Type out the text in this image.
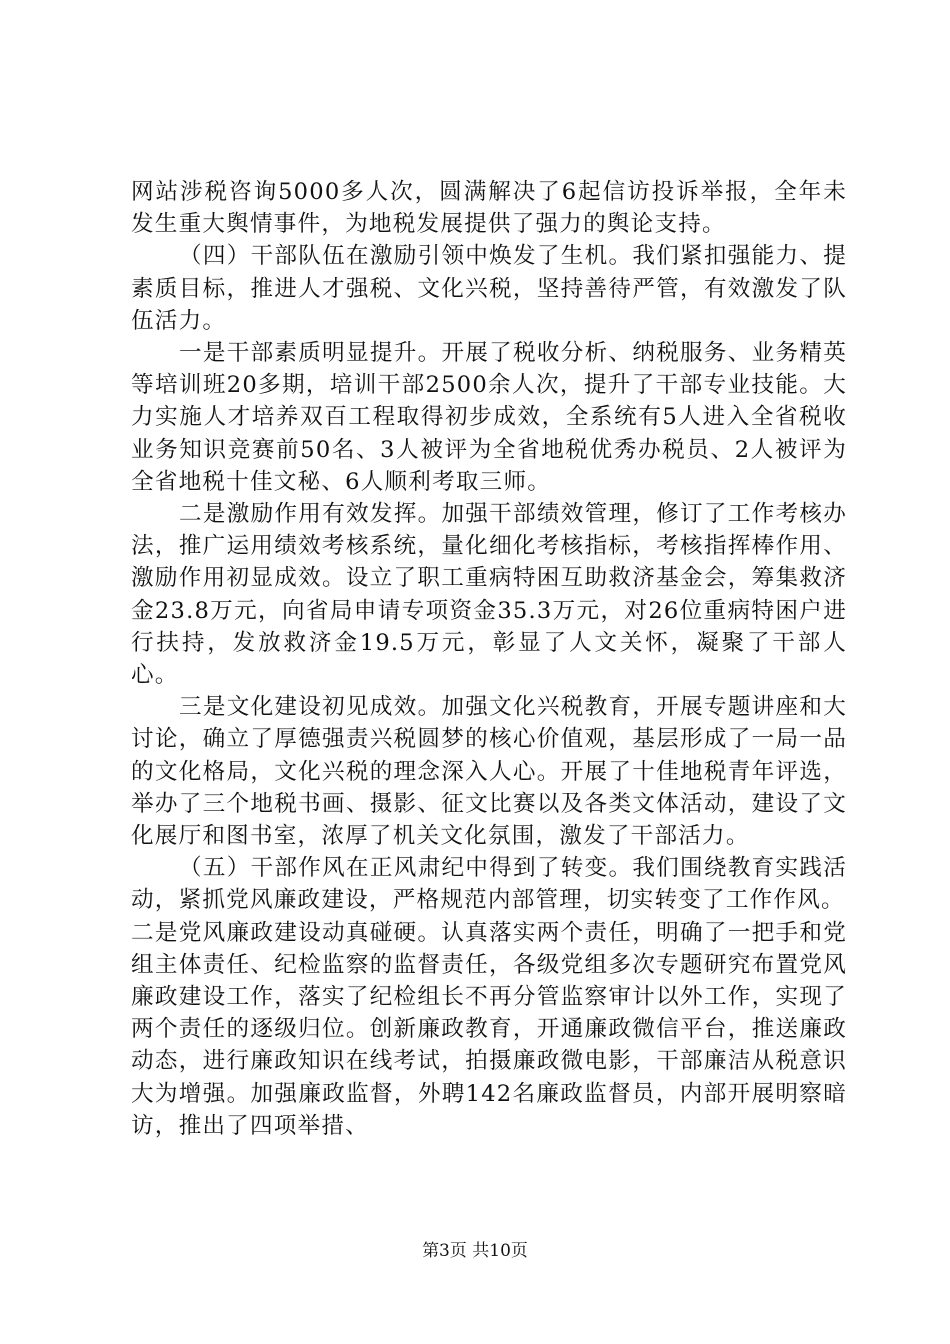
网站涉税咨询5000多人次，圆满解决了6起信访投诉举报，全年未发生重大舆情事件，为地税发展提供了强力的舆论支持。

（四）干部队伍在激励引领中焕发了生机。我们紧扣强能力、提素质目标，推进人才强税、文化兴税，坚持善待严管，有效激发了队伍活力。

一是干部素质明显提升。开展了税收分析、纳税服务、业务精英等培训班20多期，培训干部2500余人次，提升了干部专业技能。大力实施人才培养双百工程取得初步成效，全系统有5人进入全省税收业务知识竞赛前50名、3人被评为全省地税优秀办税员、2人被评为全省地税十佳文秘、6人顺利考取三师。

二是激励作用有效发挥。加强干部绩效管理，修订了工作考核办法，推广运用绩效考核系统，量化细化考核指标，考核指挥棒作用、激励作用初显成效。设立了职工重病特困互助救济基金会，筹集救济金23.8万元，向省局申请专项资金35.3万元，对26位重病特困户进行扶持，发放救济金19.5万元，彰显了人文关怀，凝聚了干部人心。

三是文化建设初见成效。加强文化兴税教育，开展专题讲座和大讨论，确立了厚德强责兴税圆梦的核心价值观，基层形成了一局一品的文化格局，文化兴税的理念深入人心。开展了十佳地税青年评选，举办了三个地税书画、摄影、征文比赛以及各类文体活动，建设了文化展厅和图书室，浓厚了机关文化氛围，激发了干部活力。

（五）干部作风在正风肃纪中得到了转变。我们围绕教育实践活动，紧抓党风廉政建设，严格规范内部管理，切实转变了工作作风。

二是党风廉政建设动真碰硬。认真落实两个责任，明确了一把手和党组主体责任、纪检监察的监督责任，各级党组多次专题研究布置党风廉政建设工作，落实了纪检组长不再分管监察审计以外工作，实现了两个责任的逐级归位。创新廉政教育，开通廉政微信平台，推送廉政动态，进行廉政知识在线考试，拍摄廉政微电影，干部廉洁从税意识大为增强。加强廉政监督，外聘142名廉政监督员，内部开展明察暗访，推出了四项举措、

第3页 共10页
